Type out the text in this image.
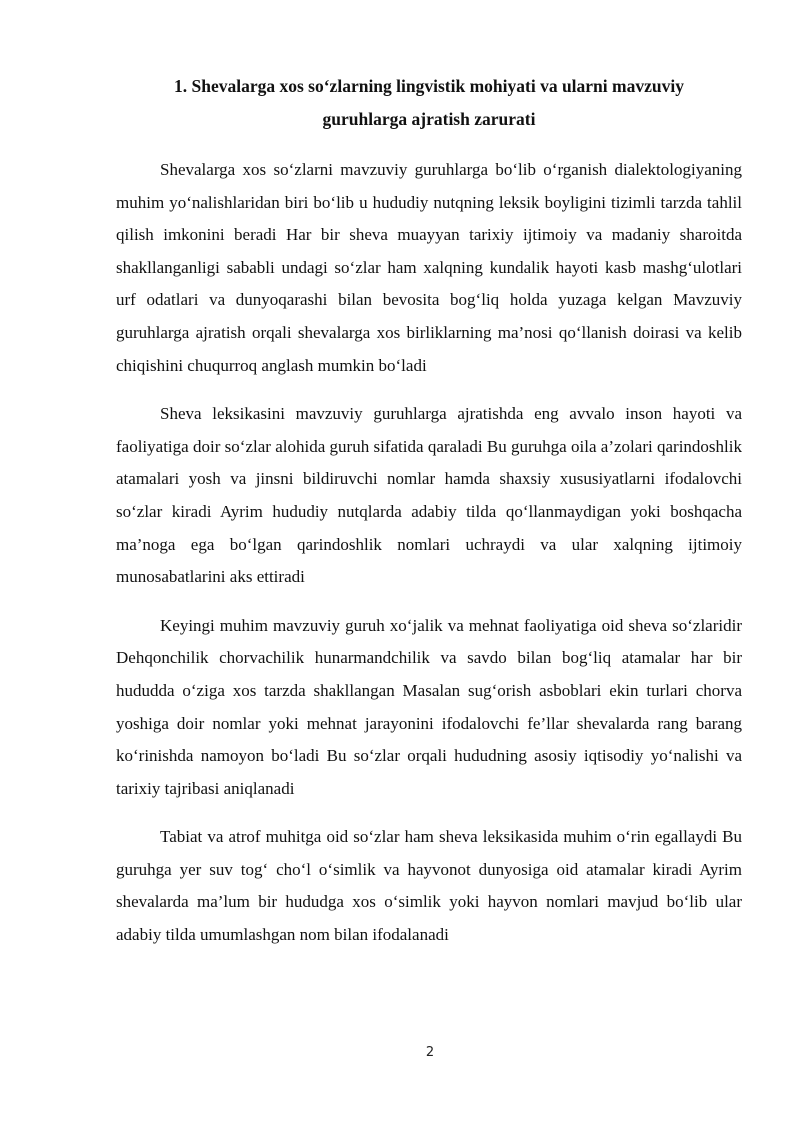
1. Shevalarga xos so‘zlarning lingvistik mohiyati va ularni mavzuviy
guruhlarga ajratish zarurati

Shevalarga xos so‘zlarni mavzuviy guruhlarga bo‘lib o‘rganish dialektologiyaning muhim yo‘nalishlaridan biri bo‘lib u hududiy nutqning leksik boyligini tizimli tarzda tahlil qilish imkonini beradi Har bir sheva muayyan tarixiy ijtimoiy va madaniy sharoitda shakllanganligi sababli undagi so‘zlar ham xalqning kundalik hayoti kasb mashg‘ulotlari urf odatlari va dunyoqarashi bilan bevosita bog‘liq holda yuzaga kelgan Mavzuviy guruhlarga ajratish orqali shevalarga xos birliklarning ma’nosi qo‘llanish doirasi va kelib chiqishini chuqurroq anglash mumkin bo‘ladi

Sheva leksikasini mavzuviy guruhlarga ajratishda eng avvalo inson hayoti va faoliyatiga doir so‘zlar alohida guruh sifatida qaraladi Bu guruhga oila a’zolari qarindoshlik atamalari yosh va jinsni bildiruvchi nomlar hamda shaxsiy xususiyatlarni ifodalovchi so‘zlar kiradi Ayrim hududiy nutqlarda adabiy tilda qo‘llanmaydigan yoki boshqacha ma’noga ega bo‘lgan qarindoshlik nomlari uchraydi va ular xalqning ijtimoiy munosabatlarini aks ettiradi

Keyingi muhim mavzuviy guruh xo‘jalik va mehnat faoliyatiga oid sheva so‘zlaridir Dehqonchilik chorvachilik hunarmandchilik va savdo bilan bog‘liq atamalar har bir hududda o‘ziga xos tarzda shakllangan Masalan sug‘orish asboblari ekin turlari chorva yoshiga doir nomlar yoki mehnat jarayonini ifodalovchi fe’llar shevalarda rang barang ko‘rinishda namoyon bo‘ladi Bu so‘zlar orqali hududning asosiy iqtisodiy yo‘nalishi va tarixiy tajribasi aniqlanadi

Tabiat va atrof muhitga oid so‘zlar ham sheva leksikasida muhim o‘rin egallaydi Bu guruhga yer suv tog‘ cho‘l o‘simlik va hayvonot dunyosiga oid atamalar kiradi Ayrim shevalarda ma’lum bir hududga xos o‘simlik yoki hayvon nomlari mavjud bo‘lib ular adabiy tilda umumlashgan nom bilan ifodalanadi

2
